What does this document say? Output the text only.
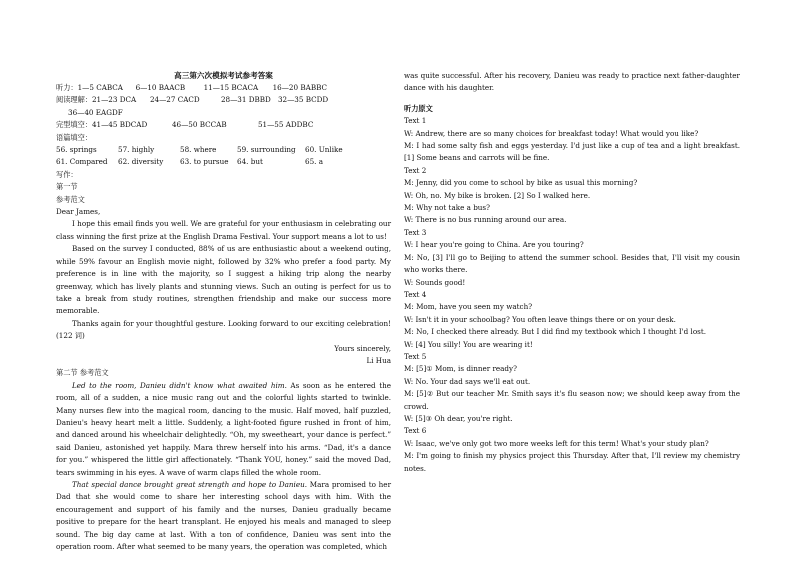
高三第六次模拟考试参考答案
听力： 1—5 CABCA	6—10 BAACB	11—15 BCACA	16—20 BABBC
阅读理解： 21—23 DCA	24—27 CACD	28—31 DBBD 32—35 BCDD
36—40 EAGDF
完型填空： 41—45 BDCAD	46—50 BCCAB	51—55 ADDBC
语篇填空：
56. springs	57. highly	58. where	59. surrounding	60. Unlike
61. Compared	62. diversity	63. to pursue	64. but	65. a
写作：
第一节
参考范文
Dear James,
I hope this email finds you well. We are grateful for your enthusiasm in celebrating our class winning the first prize at the English Drama Festival. Your support means a lot to us!
Based on the survey I conducted, 88% of us are enthusiastic about a weekend outing, while 59% favour an English movie night, followed by 32% who prefer a food party. My preference is in line with the majority, so I suggest a hiking trip along the nearby greenway, which has lively plants and stunning views. Such an outing is perfect for us to take a break from study routines, strengthen friendship and make our success more memorable.
Thanks again for your thoughtful gesture. Looking forward to our exciting celebration! (122 词)
Yours sincerely,
Li Hua
第二节 参考范文
Led to the room, Danieu didn't know what awaited him. As soon as he entered the room, all of a sudden, a nice music rang out and the colorful lights started to twinkle. Many nurses flew into the magical room, dancing to the music. Half moved, half puzzled, Danieu's heavy heart melt a little. Suddenly, a light-footed figure rushed in front of him, and danced around his wheelchair delightedly. “Oh, my sweetheart, your dance is perfect.” said Danieu, astonished yet happily. Mara threw herself into his arms. “Dad, it's a dance for you.” whispered the little girl affectionately. “Thank YOU, honey.” said the moved Dad, tears swimming in his eyes. A wave of warm claps filled the whole room.
That special dance brought great strength and hope to Danieu. Mara promised to her Dad that she would come to share her interesting school days with him. With the encouragement and support of his family and the nurses, Danieu gradually became positive to prepare for the heart transplant. He enjoyed his meals and managed to sleep sound. The big day came at last. With a ton of confidence, Danieu was sent into the operation room. After what seemed to be many years, the operation was completed, which
was quite successful. After his recovery, Danieu was ready to practice next father-daughter dance with his daughter.
听力原文
Text 1
W: Andrew, there are so many choices for breakfast today! What would you like?
M: I had some salty fish and eggs yesterday. I'd just like a cup of tea and a light breakfast. [1] Some beans and carrots will be fine.
Text 2
M: Jenny, did you come to school by bike as usual this morning?
W: Oh, no. My bike is broken. [2] So I walked here.
M: Why not take a bus?
W: There is no bus running around our area.
Text 3
W: I hear you're going to China. Are you touring?
M: No, [3] I'll go to Beijing to attend the summer school. Besides that, I'll visit my cousin who works there.
W: Sounds good!
Text 4
M: Mom, have you seen my watch?
W: Isn't it in your schoolbag? You often leave things there or on your desk.
M: No, I checked there already. But I did find my textbook which I thought I'd lost.
W: [4] You silly! You are wearing it!
Text 5
M: [5]① Mom, is dinner ready?
W: No. Your dad says we'll eat out.
M: [5]② But our teacher Mr. Smith says it's flu season now; we should keep away from the crowd.
W: [5]③ Oh dear, you're right.
Text 6
W: Isaac, we've only got two more weeks left for this term! What's your study plan?
M: I'm going to finish my physics project this Thursday. After that, I'll review my chemistry notes.
